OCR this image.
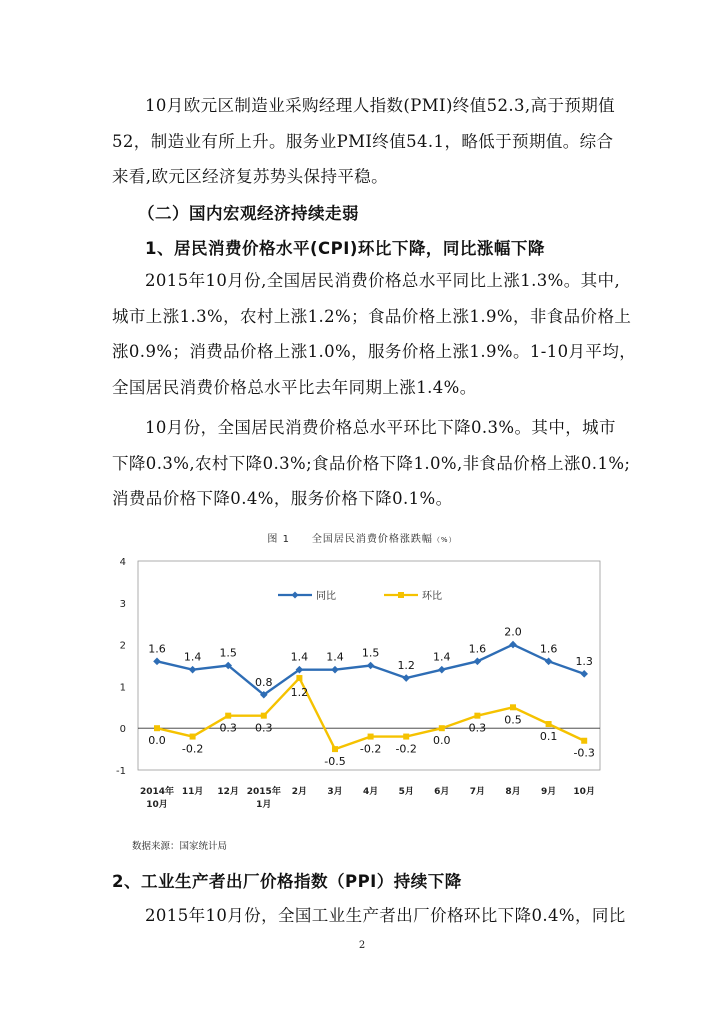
10月欧元区制造业采购经理人指数(PMI)终值52.3,高于预期值
52，制造业有所上升。服务业PMI终值54.1，略低于预期值。综合
来看,欧元区经济复苏势头保持平稳。

（二）国内宏观经济持续走弱
1、居民消费价格水平(CPI)环比下降，同比涨幅下降

2015年10月份,全国居民消费价格总水平同比上涨1.3%。其中,
城市上涨1.3%，农村上涨1.2%；食品价格上涨1.9%，非食品价格上
涨0.9%；消费品价格上涨1.0%，服务价格上涨1.9%。1-10月平均，
全国居民消费价格总水平比去年同期上涨1.4%。

10月份，全国居民消费价格总水平环比下降0.3%。其中，城市
下降0.3%,农村下降0.3%;食品价格下降1.0%,非食品价格上涨0.1%;
消费品价格下降0.4%，服务价格下降0.1%。

图 1　　全国居民消费价格涨跌幅（%）
4
3
2
1
0
-1
同比	环比
1.6
1.4 1.5
0.8
1.4 1.4 1.5
1.2
1.4
1.6
2.0
1.6
1.3
0.0
-0.2
0.3 0.3
1.2
-0.5
-0.2 -0.2
0.0
0.3
0.5
0.1
-0.3
2014年 10月
11月 12月 2015年 1月
2月 3月 4月 5月 6月 7月 8月 9月 10月
数据来源：国家统计局
2、工业生产者出厂价格指数（PPI）持续下降

2015年10月份，全国工业生产者出厂价格环比下降0.4%，同比

2
